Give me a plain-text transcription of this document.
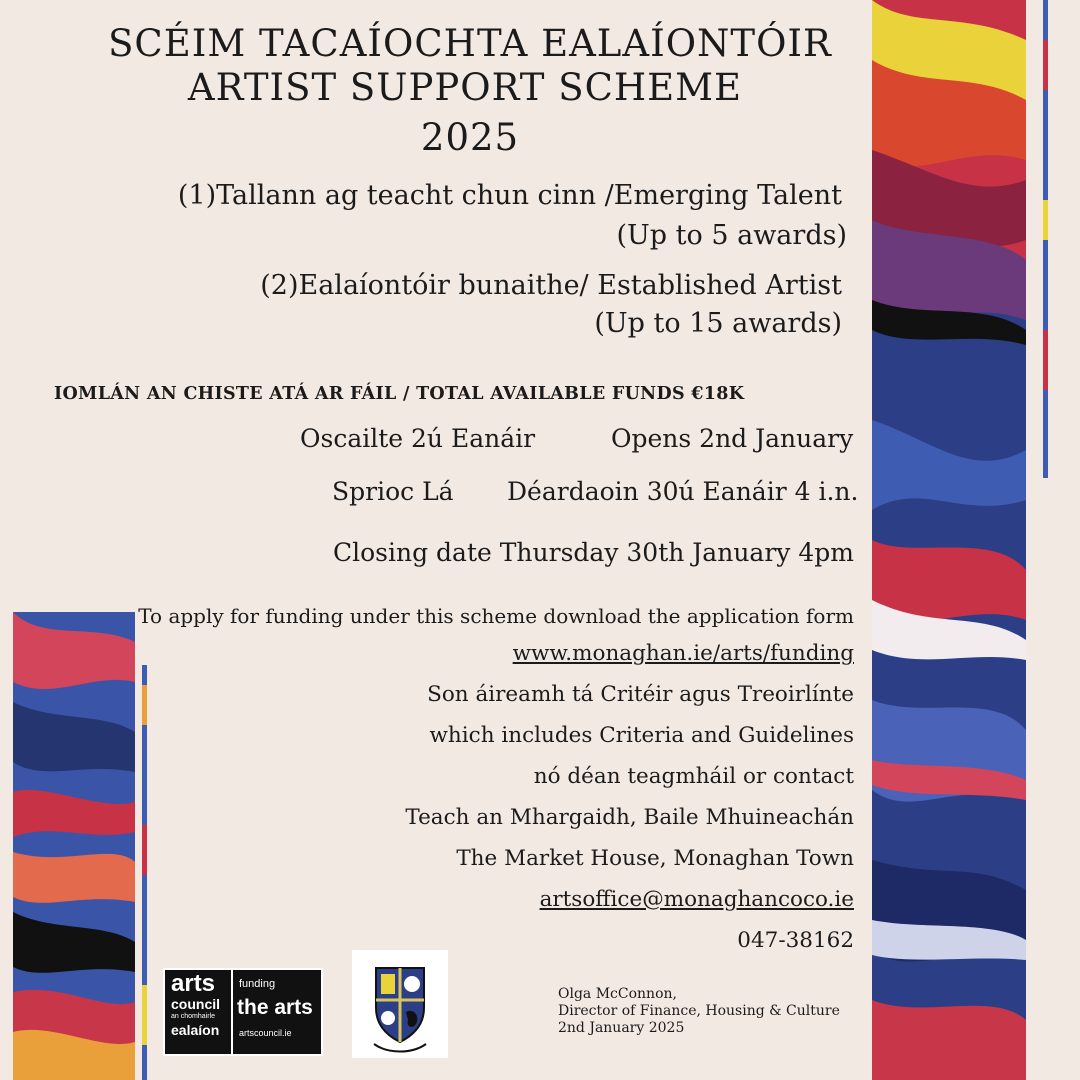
SCÉIM TACAÍOCHTA EALAÍONTÓIR
ARTIST SUPPORT SCHEME
2025
(1)Tallann ag teacht chun cinn /Emerging Talent
(Up to 5 awards)
(2)Ealaíontóir bunaithe/ Established Artist
(Up to 15 awards)
IOMLÁN AN CHISTE ATÁ AR FÁIL / TOTAL AVAILABLE FUNDS €18K
Oscailte 2ú Eanáir	Opens 2nd January
Sprioc Lá Déardaoin 30ú Eanáir 4 i.n.
Closing date Thursday 30th January 4pm
To apply for funding under this scheme download the application form
www.monaghan.ie/arts/funding
Son áireamh tá Critéir agus Treoirlínte
which includes Criteria and Guidelines
nó déan teagmháil or contact
Teach an Mhargaidh, Baile Mhuineachán
The Market House, Monaghan Town
artsoffice@monaghancoco.ie
047-38162
arts
council
an chomhairle
ealaíon
funding
the arts
artscouncil.ie
Olga McConnon,
Director of Finance, Housing & Culture
2nd January 2025
